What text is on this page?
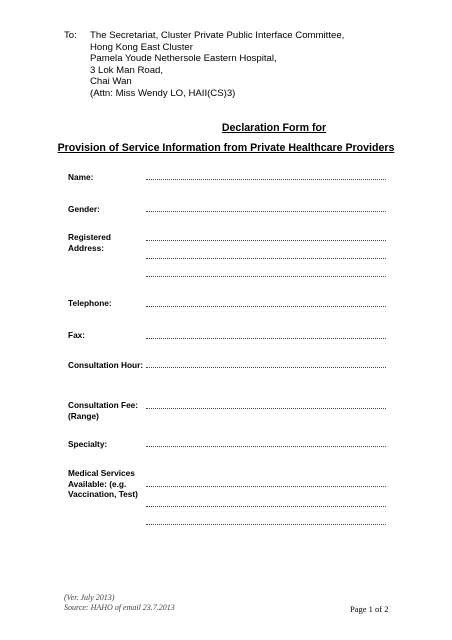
To:	The Secretariat, Cluster Private Public Interface Committee,
Hong Kong East Cluster
Pamela Youde Nethersole Eastern Hospital,
3 Lok Man Road,
Chai Wan
(Attn: Miss Wendy LO, HAII(CS)3)
Declaration Form for
Provision of Service Information from Private Healthcare Providers
Name:
Gender:
Registered Address:
Telephone:
Fax:
Consultation Hour:
Consultation Fee: (Range)
Specialty:
Medical Services Available: (e.g. Vaccination, Test)
(Ver. July 2013)
Source: HAHO of email 23.7.2013	Page 1 of 2
